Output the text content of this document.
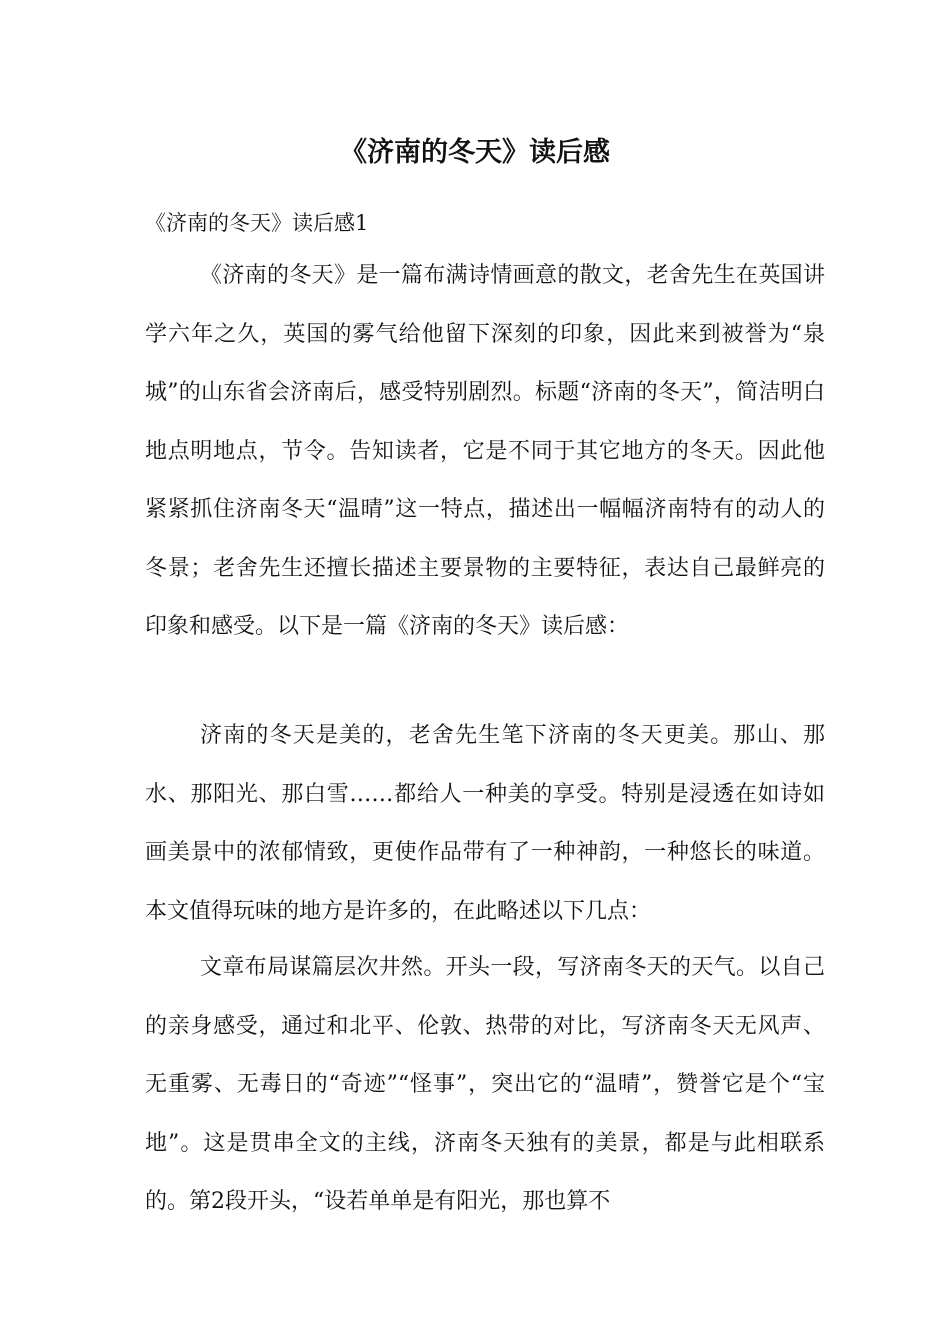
《济南的冬天》读后感

《济南的冬天》读后感1

《济南的冬天》是一篇布满诗情画意的散文，老舍先生在英国讲学六年之久，英国的雾气给他留下深刻的印象，因此来到被誉为“泉城”的山东省会济南后，感受特别剧烈。标题“济南的冬天”，简洁明白地点明地点，节令。告知读者，它是不同于其它地方的冬天。因此他紧紧抓住济南冬天“温晴”这一特点，描述出一幅幅济南特有的动人的冬景；老舍先生还擅长描述主要景物的主要特征，表达自己最鲜亮的印象和感受。以下是一篇《济南的冬天》读后感：

济南的冬天是美的，老舍先生笔下济南的冬天更美。那山、那水、那阳光、那白雪……都给人一种美的享受。特别是浸透在如诗如画美景中的浓郁情致，更使作品带有了一种神韵，一种悠长的味道。本文值得玩味的地方是许多的，在此略述以下几点：

文章布局谋篇层次井然。开头一段，写济南冬天的天气。以自己的亲身感受，通过和北平、伦敦、热带的对比，写济南冬天无风声、无重雾、无毒日的“奇迹”“怪事”，突出它的“温晴”，赞誉它是个“宝地”。这是贯串全文的主线，济南冬天独有的美景，都是与此相联系的。第2段开头，“设若单单是有阳光，那也算不
